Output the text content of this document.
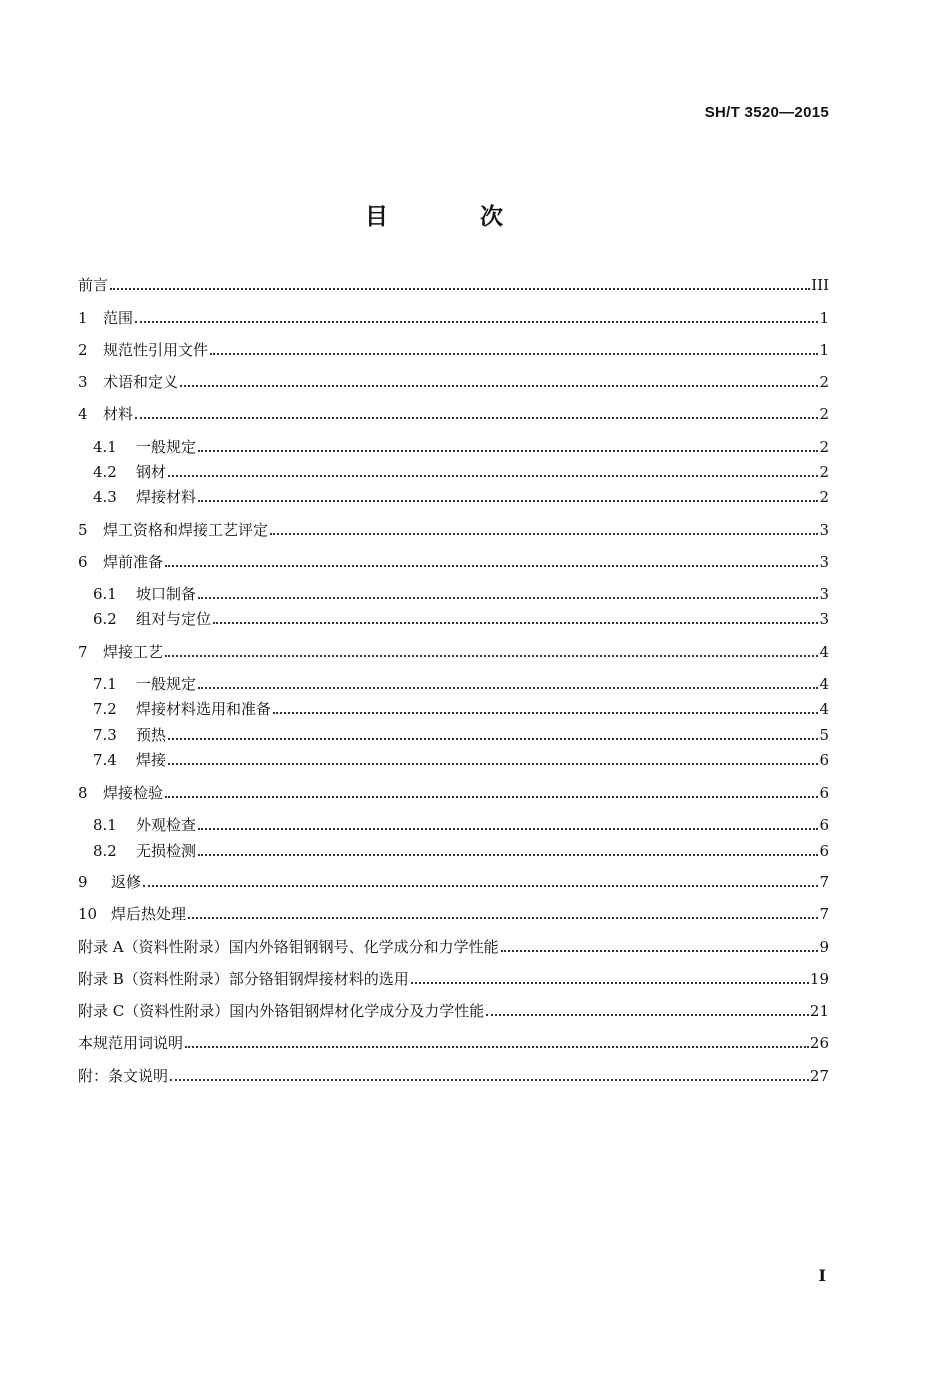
SH/T 3520—2015
目 次
前言	III
1	范围	1
2	规范性引用文件	1
3	术语和定义	2
4	材料	2
4.1	一般规定	2
4.2	钢材	2
4.3	焊接材料	2
5	焊工资格和焊接工艺评定	3
6	焊前准备	3
6.1	坡口制备	3
6.2	组对与定位	3
7	焊接工艺	4
7.1	一般规定	4
7.2	焊接材料选用和准备	4
7.3	预热	5
7.4	焊接	6
8	焊接检验	6
8.1	外观检查	6
8.2	无损检测	6
9	返修	7
10 焊后热处理	7
附录 A（资料性附录）国内外铬钼钢钢号、化学成分和力学性能	9
附录 B（资料性附录）部分铬钼钢焊接材料的选用	19
附录 C（资料性附录）国内外铬钼钢焊材化学成分及力学性能	21
本规范用词说明	26
附：条文说明	27
I
